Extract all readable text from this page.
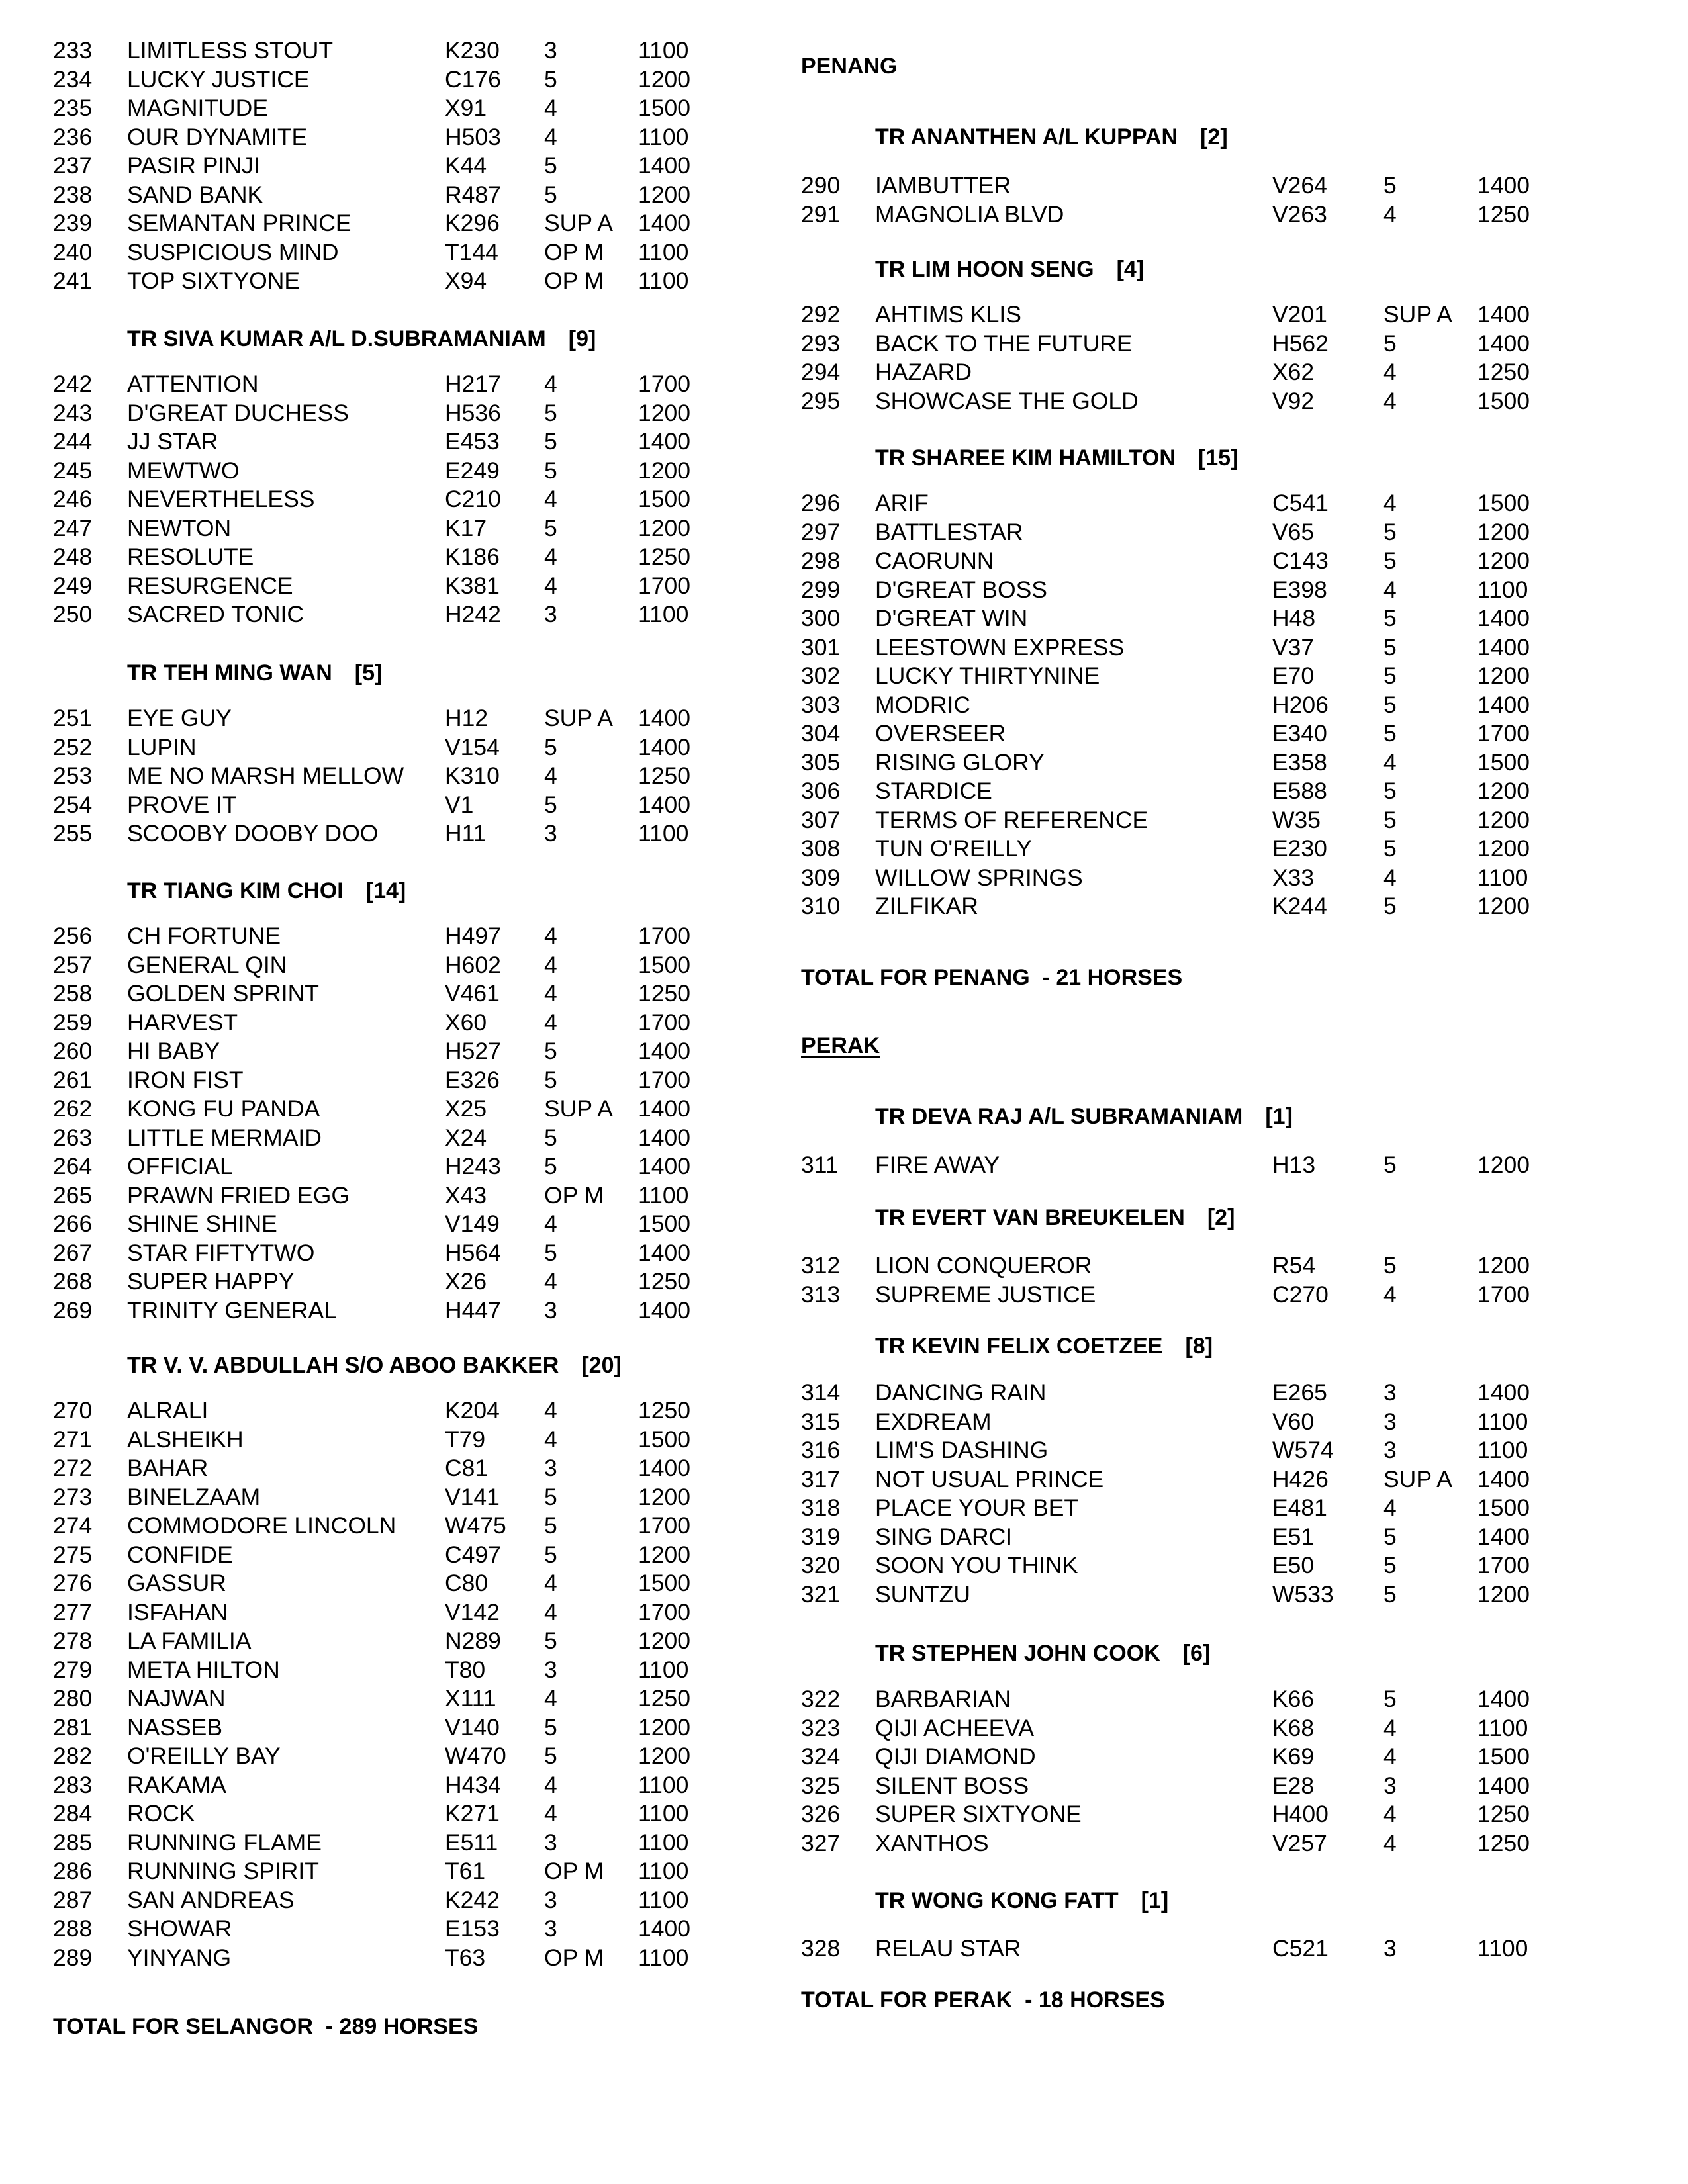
233 LIMITLESS STOUT	K230 3	1100
234 LUCKY JUSTICE	C176 5	1200
235 MAGNITUDE	X91 4	1500
236 OUR DYNAMITE	H503 4	1100
237 PASIR PINJI	K44 5	1400
238 SAND BANK	R487 5	1200
239 SEMANTAN PRINCE	K296 SUP A 1400
240 SUSPICIOUS MIND	T144 OP M 1100
241 TOP SIXTYONE	X94 OP M 1100
TR SIVA KUMAR A/L D.SUBRAMANIAM [9]
242 ATTENTION	H217 4	1700
243 D'GREAT DUCHESS	H536 5	1200
244 JJ STAR	E453 5	1400
245 MEWTWO	E249 5	1200
246 NEVERTHELESS	C210 4	1500
247 NEWTON	K17 5	1200
248 RESOLUTE	K186 4	1250
249 RESURGENCE	K381 4	1700
250 SACRED TONIC	H242 3	1100
TR TEH MING WAN [5]
251 EYE GUY	H12 SUP A 1400
252 LUPIN	V154 5	1400
253 ME NO MARSH MELLOW K310 4	1250
254 PROVE IT	V1	5	1400
255 SCOOBY DOOBY DOO	H11 3	1100
TR TIANG KIM CHOI [14]
256 CH FORTUNE	H497 4	1700
257 GENERAL QIN	H602 4	1500
258 GOLDEN SPRINT	V461 4	1250
259 HARVEST	X60 4	1700
260 HI BABY	H527 5	1400
261 IRON FIST	E326 5	1700
262 KONG FU PANDA	X25 SUP A 1400
263 LITTLE MERMAID	X24 5	1400
264 OFFICIAL	H243 5	1400
265 PRAWN FRIED EGG	X43 OP M 1100
266 SHINE SHINE	V149 4	1500
267 STAR FIFTYTWO	H564 5	1400
268 SUPER HAPPY	X26 4	1250
269 TRINITY GENERAL	H447 3	1400
TR V. V. ABDULLAH S/O ABOO BAKKER [20]
270 ALRALI	K204 4	1250
271 ALSHEIKH	T79	4	1500
272 BAHAR	C81 3	1400
273 BINELZAAM	V141 5	1200
274 COMMODORE LINCOLN W475 5	1700
275 CONFIDE	C497 5	1200
276 GASSUR	C80 4	1500
277 ISFAHAN	V142 4	1700
278 LA FAMILIA	N289 5	1200
279 META HILTON	T80	3	1100
280 NAJWAN	X111 4	1250
281 NASSEB	V140 5	1200
282 O'REILLY BAY	W470 5	1200
283 RAKAMA	H434 4	1100
284 ROCK	K271 4	1100
285 RUNNING FLAME	E511 3	1100
286 RUNNING SPIRIT	T61	OP M 1100
287 SAN ANDREAS	K242 3	1100
288 SHOWAR	E153 3	1400
289 YINYANG	T63	OP M 1100
TOTAL FOR SELANGOR  - 289 HORSES
PENANG
TR ANANTHEN A/L KUPPAN [2]
290 IAMBUTTER	V264 5	1400
291 MAGNOLIA BLVD	V263 4	1250
TR LIM HOON SENG [4]
292 AHTIMS KLIS	V201 SUP A 1400
293 BACK TO THE FUTURE	H562 5	1400
294 HAZARD	X62	4	1250
295 SHOWCASE THE GOLD	V92	4	1500
TR SHAREE KIM HAMILTON [15]
296 ARIF	C541 4	1500
297 BATTLESTAR	V65	5	1200
298 CAORUNN	C143 5	1200
299 D'GREAT BOSS	E398 4	1100
300 D'GREAT WIN	H48	5	1400
301 LEESTOWN EXPRESS	V37	5	1400
302 LUCKY THIRTYNINE	E70	5	1200
303 MODRIC	H206 5	1400
304 OVERSEER	E340 5	1700
305 RISING GLORY	E358 4	1500
306 STARDICE	E588 5	1200
307 TERMS OF REFERENCE	W35	5	1200
308 TUN O'REILLY	E230 5	1200
309 WILLOW SPRINGS	X33	4	1100
310 ZILFIKAR	K244 5	1200
TOTAL FOR PENANG  - 21 HORSES
PERAK
TR DEVA RAJ A/L SUBRAMANIAM [1]
311 FIRE AWAY	H13	5	1200
TR EVERT VAN BREUKELEN [2]
312 LION CONQUEROR	R54	5	1200
313 SUPREME JUSTICE	C270 4	1700
TR KEVIN FELIX COETZEE [8]
314 DANCING RAIN	E265 3	1400
315 EXDREAM	V60	3	1100
316 LIM'S DASHING	W574 3	1100
317 NOT USUAL PRINCE	H426 SUP A 1400
318 PLACE YOUR BET	E481 4	1500
319 SING DARCI	E51	5	1400
320 SOON YOU THINK	E50	5	1700
321 SUNTZU	W533 5	1200
TR STEPHEN JOHN COOK [6]
322 BARBARIAN	K66	5	1400
323 QIJI ACHEEVA	K68	4	1100
324 QIJI DIAMOND	K69	4	1500
325 SILENT BOSS	E28	3	1400
326 SUPER SIXTYONE	H400 4	1250
327 XANTHOS	V257 4	1250
TR WONG KONG FATT [1]
328 RELAU STAR	C521 3	1100
TOTAL FOR PERAK  - 18 HORSES
